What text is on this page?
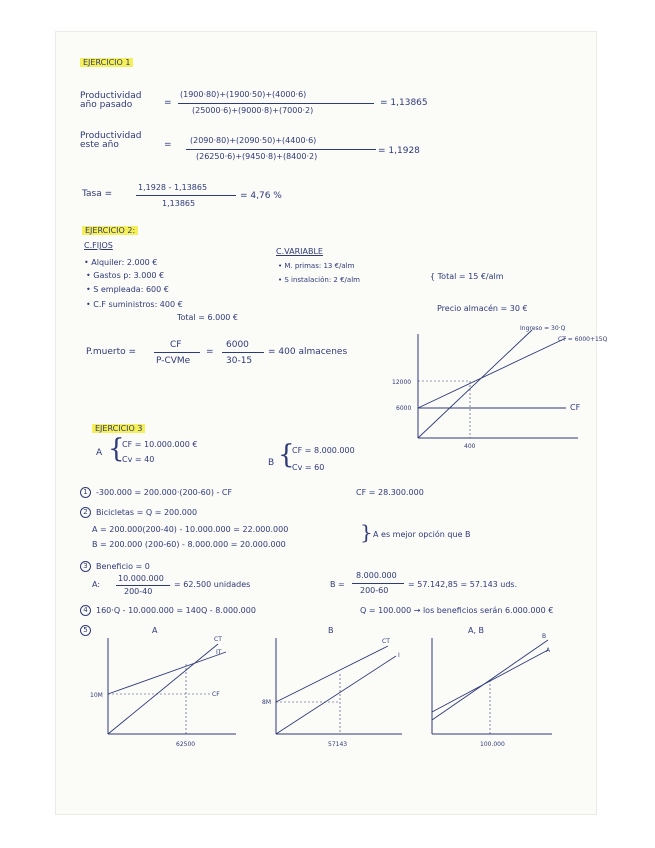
EJERCICIO 1
Productividad año pasado	=
(1900·80)+(1900·50)+(4000·6)
(25000·6)+(9000·8)+(7000·2)
= 1,13865
Productividad este año	= (2090·80)+(2090·50)+(4400·6)
(26250·6)+(9450·8)+(8400·2)
= 1,1928
Tasa =
1,1928 - 1,13865
1,13865
= 4,76 %
EJERCICIO 2:
C.FIJOS
• Alquiler: 2.000 €
• Gastos p: 3.000 €
• S empleada: 600 €
• C.F suministros: 400 €
Total = 6.000 €
C.VARIABLE
• M. primas: 13 €/alm
• S instalación: 2 €/alm	{ Total = 15 €/alm
Precio almacén = 30 €
P.muerto =
CF
P-CVMe
=
6000
30-15
= 400 almacenes
Ingreso = 30·Q
CT = 6000+15Q
CF
12000
6000
400
EJERCICIO 3
A {
CF = 10.000.000 €
Cv = 40	B {
CF = 8.000.000
Cv = 60
1	-300.000 = 200.000·(200-60) - CF	CF = 28.300.000
2	Bicicletas = Q = 200.000
A = 200.000(200-40) - 10.000.000 = 22.000.000
B = 200.000 (200-60) - 8.000.000 = 20.000.000
} A es mejor opción que B
3	Beneficio = 0
A:
10.000.000
200-40
= 62.500 unidades	B =
8.000.000
200-60
= 57.142,85 = 57.143 uds.
4	160·Q - 10.000.000 = 140Q - 8.000.000	Q = 100.000 → los beneficios serán 6.000.000 €
5	A
CT
IT
CF
10M
62500
B
CT
I
8M
57143
A, B
B
A
100.000
